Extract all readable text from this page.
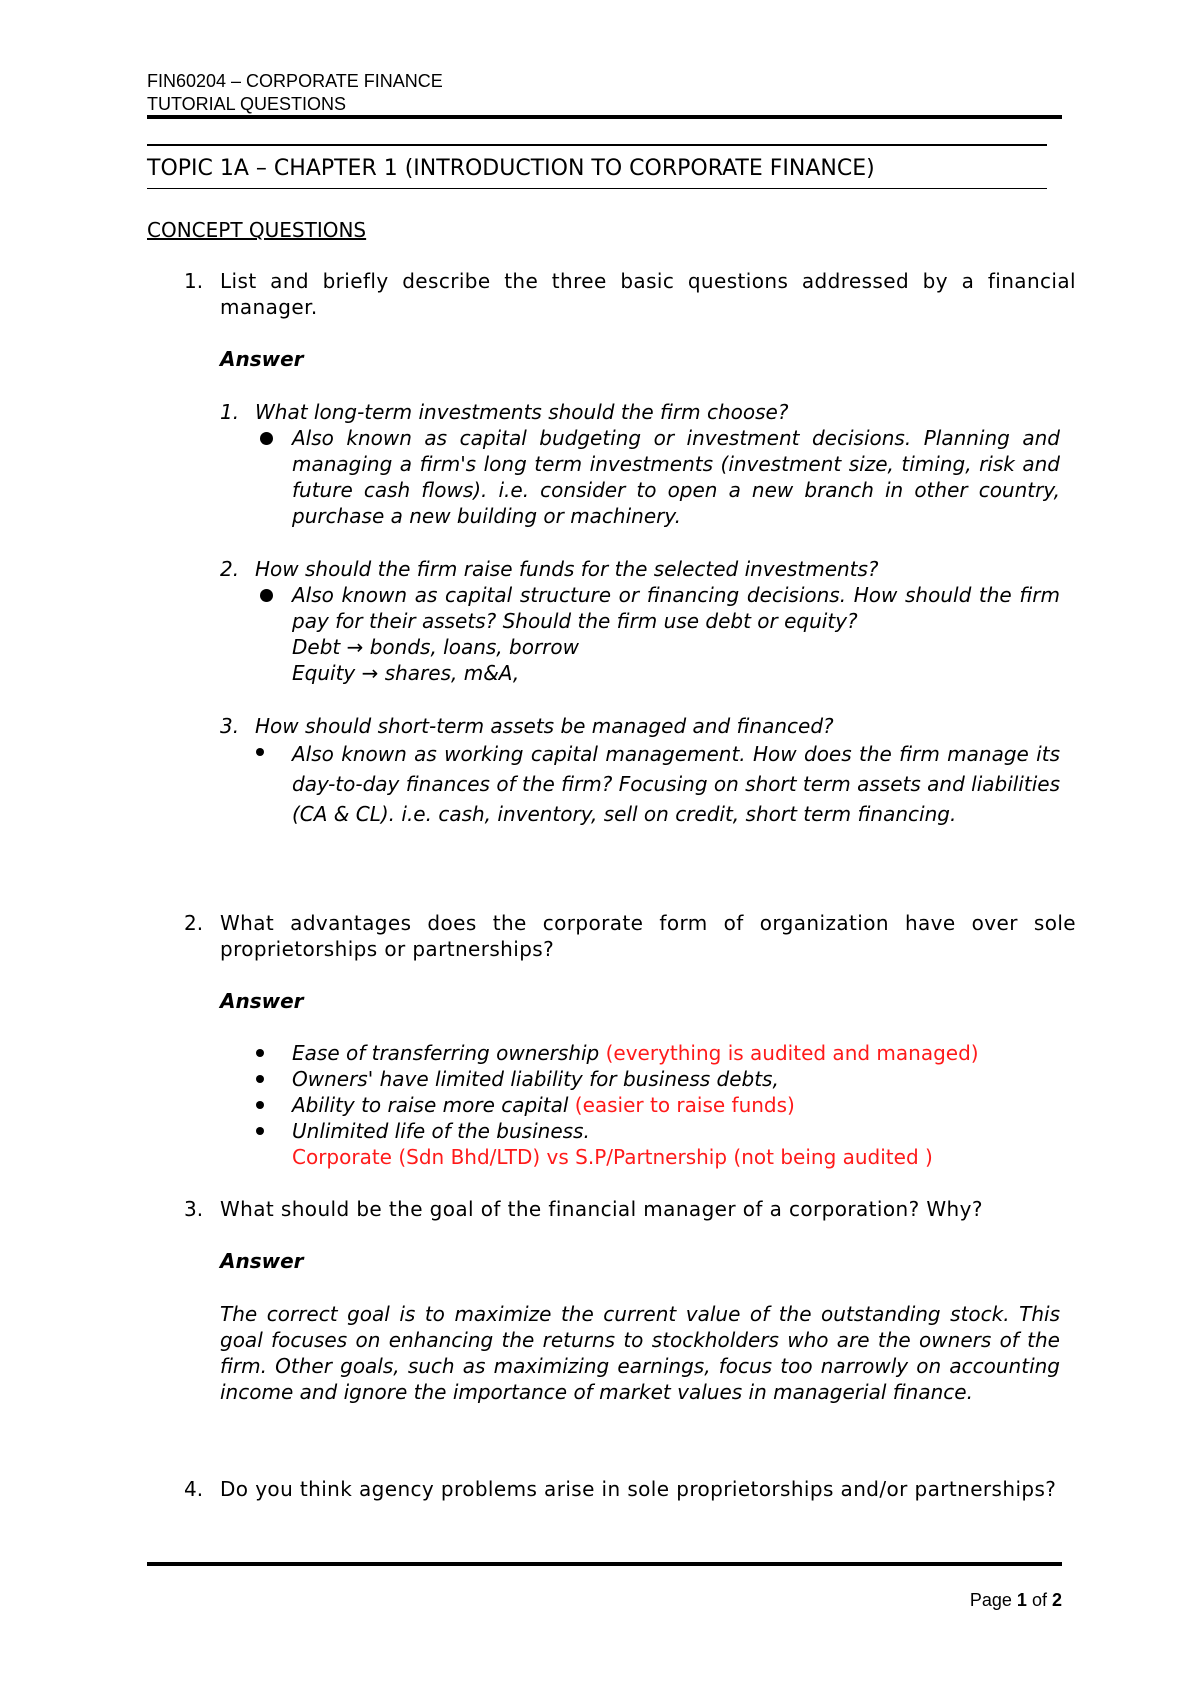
FIN60204 – CORPORATE FINANCE
TUTORIAL QUESTIONS
TOPIC 1A – CHAPTER 1 (INTRODUCTION TO CORPORATE FINANCE)
CONCEPT QUESTIONS
1. List and briefly describe the three basic questions addressed by a financial manager.
Answer
1. What long-term investments should the firm choose?
Also known as capital budgeting or investment decisions. Planning and managing a firm's long term investments (investment size, timing, risk and future cash flows). i.e. consider to open a new branch in other country, purchase a new building or machinery.
2. How should the firm raise funds for the selected investments?
Also known as capital structure or financing decisions. How should the firm pay for their assets? Should the firm use debt or equity?
Debt → bonds, loans, borrow
Equity → shares, m&A,
3. How should short-term assets be managed and financed?
Also known as working capital management. How does the firm manage its day-to-day finances of the firm? Focusing on short term assets and liabilities (CA & CL). i.e. cash, inventory, sell on credit, short term financing.
2. What advantages does the corporate form of organization have over sole proprietorships or partnerships?
Answer
Ease of transferring ownership (everything is audited and managed)
Owners' have limited liability for business debts,
Ability to raise more capital (easier to raise funds)
Unlimited life of the business.
Corporate (Sdn Bhd/LTD) vs S.P/Partnership (not being audited )
3. What should be the goal of the financial manager of a corporation? Why?
Answer
The correct goal is to maximize the current value of the outstanding stock. This goal focuses on enhancing the returns to stockholders who are the owners of the firm. Other goals, such as maximizing earnings, focus too narrowly on accounting income and ignore the importance of market values in managerial finance.
4. Do you think agency problems arise in sole proprietorships and/or partnerships?
Page 1 of 2
